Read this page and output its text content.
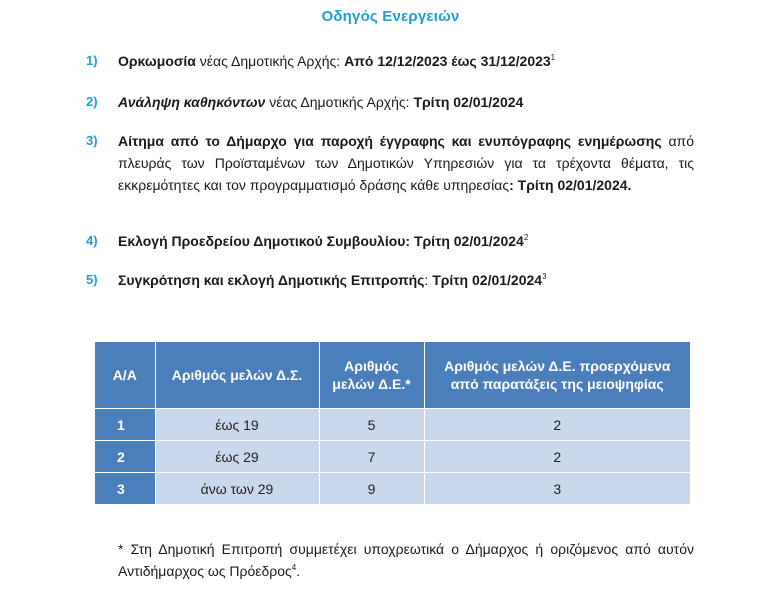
Οδηγός Ενεργειών
1) Ορκωμοσία νέας Δημοτικής Αρχής: Από 12/12/2023 έως 31/12/2023$^1$
2) Ανάληψη καθηκόντων νέας Δημοτικής Αρχής: Τρίτη 02/01/2024
3) Αίτημα από το Δήμαρχο για παροχή έγγραφης και ενυπόγραφης ενημέρωσης από πλευράς των Προϊσταμένων των Δημοτικών Υπηρεσιών για τα τρέχοντα θέματα, τις εκκρεμότητες και τον προγραμματισμό δράσης κάθε υπηρεσίας: Τρίτη 02/01/2024.
4) Εκλογή Προεδρείου Δημοτικού Συμβουλίου: Τρίτη 02/01/2024$^2$
5) Συγκρότηση και εκλογή Δημοτικής Επιτροπής: Τρίτη 02/01/2024$^3$
Α/Α	Αριθμός μελών Δ.Σ.	Αριθμός μελών Δ.Ε.*	Αριθμός μελών Δ.Ε. προερχόμενα από παρατάξεις της μειοψηφίας
1	έως 19	5	2
2	έως 29	7	2
3	άνω των 29	9	3
* Στη Δημοτική Επιτροπή συμμετέχει υποχρεωτικά ο Δήμαρχος ή οριζόμενος από αυτόν Αντιδήμαρχος ως Πρόεδρος$^4$.
